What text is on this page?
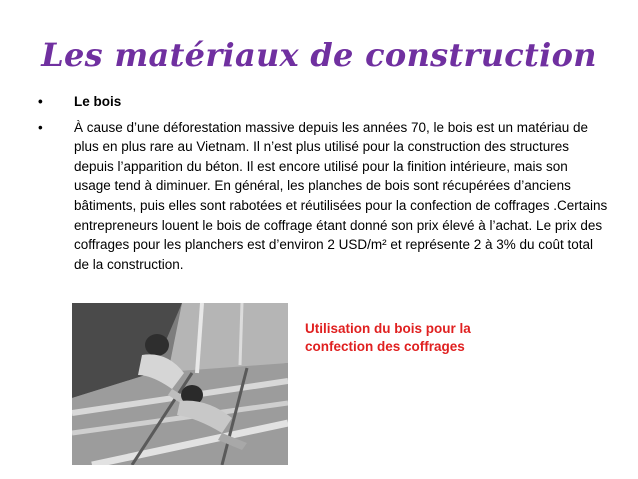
Les matériaux de construction
• Le bois
• À cause d’une déforestation massive depuis les années 70, le bois est un matériau de plus en plus rare au Vietnam. Il n’est plus utilisé pour la construction des structures depuis l’apparition du béton. Il est encore utilisé pour la finition intérieure, mais son usage tend à diminuer. En général, les planches de bois sont récupérées d’anciens bâtiments, puis elles sont rabotées et réutilisées pour la confection de coffrages .Certains entrepreneurs louent le bois de coffrage étant donné son prix élevé à l’achat. Le prix des coffrages pour les planchers est d’environ 2 USD/m² et représente 2 à 3% du coût total de la construction.
Utilisation du bois pour la confection des coffrages
